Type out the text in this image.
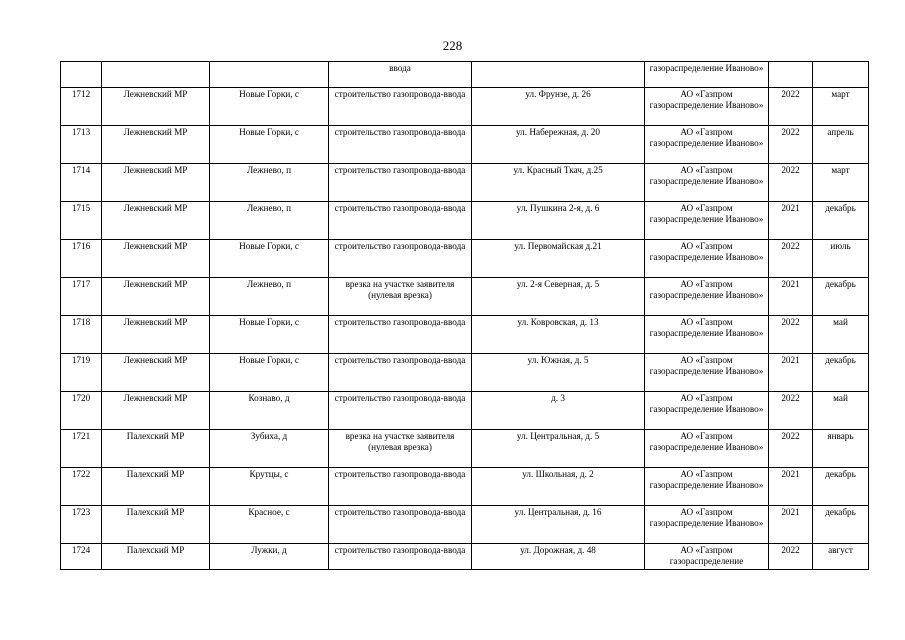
228
			ввода		газораспределение Иваново»		
1712	Лежневский МР	Новые Горки, с	строительство газопровода-ввода	ул. Фрунзе, д. 26	АО «Газпром газораспределение Иваново»	2022	март
1713	Лежневский МР	Новые Горки, с	строительство газопровода-ввода	ул. Набережная, д. 20	АО «Газпром газораспределение Иваново»	2022	апрель
1714	Лежневский МР	Лежнево, п	строительство газопровода-ввода	ул. Красный Ткач, д.25	АО «Газпром газораспределение Иваново»	2022	март
1715	Лежневский МР	Лежнево, п	строительство газопровода-ввода	ул. Пушкина 2-я, д. 6	АО «Газпром газораспределение Иваново»	2021	декабрь
1716	Лежневский МР	Новые Горки, с	строительство газопровода-ввода	ул. Первомайская д.21	АО «Газпром газораспределение Иваново»	2022	июль
1717	Лежневский МР	Лежнево, п	врезка на участке заявителя (нулевая врезка)	ул. 2-я Северная, д. 5	АО «Газпром газораспределение Иваново»	2021	декабрь
1718	Лежневский МР	Новые Горки, с	строительство газопровода-ввода	ул. Ковровская, д. 13	АО «Газпром газораспределение Иваново»	2022	май
1719	Лежневский МР	Новые Горки, с	строительство газопровода-ввода	ул. Южная, д. 5	АО «Газпром газораспределение Иваново»	2021	декабрь
1720	Лежневский МР	Кознаво, д	строительство газопровода-ввода	д. 3	АО «Газпром газораспределение Иваново»	2022	май
1721	Палехский МР	Зубиха, д	врезка на участке заявителя (нулевая врезка)	ул. Центральная, д. 5	АО «Газпром газораспределение Иваново»	2022	январь
1722	Палехский МР	Крутцы, с	строительство газопровода-ввода	ул. Школьная, д. 2	АО «Газпром газораспределение Иваново»	2021	декабрь
1723	Палехский МР	Красное, с	строительство газопровода-ввода	ул. Центральная, д. 16	АО «Газпром газораспределение Иваново»	2021	декабрь
1724	Палехский МР	Лужки, д	строительство газопровода-ввода	ул. Дорожная, д. 48	АО «Газпром газораспределение	2022	август
